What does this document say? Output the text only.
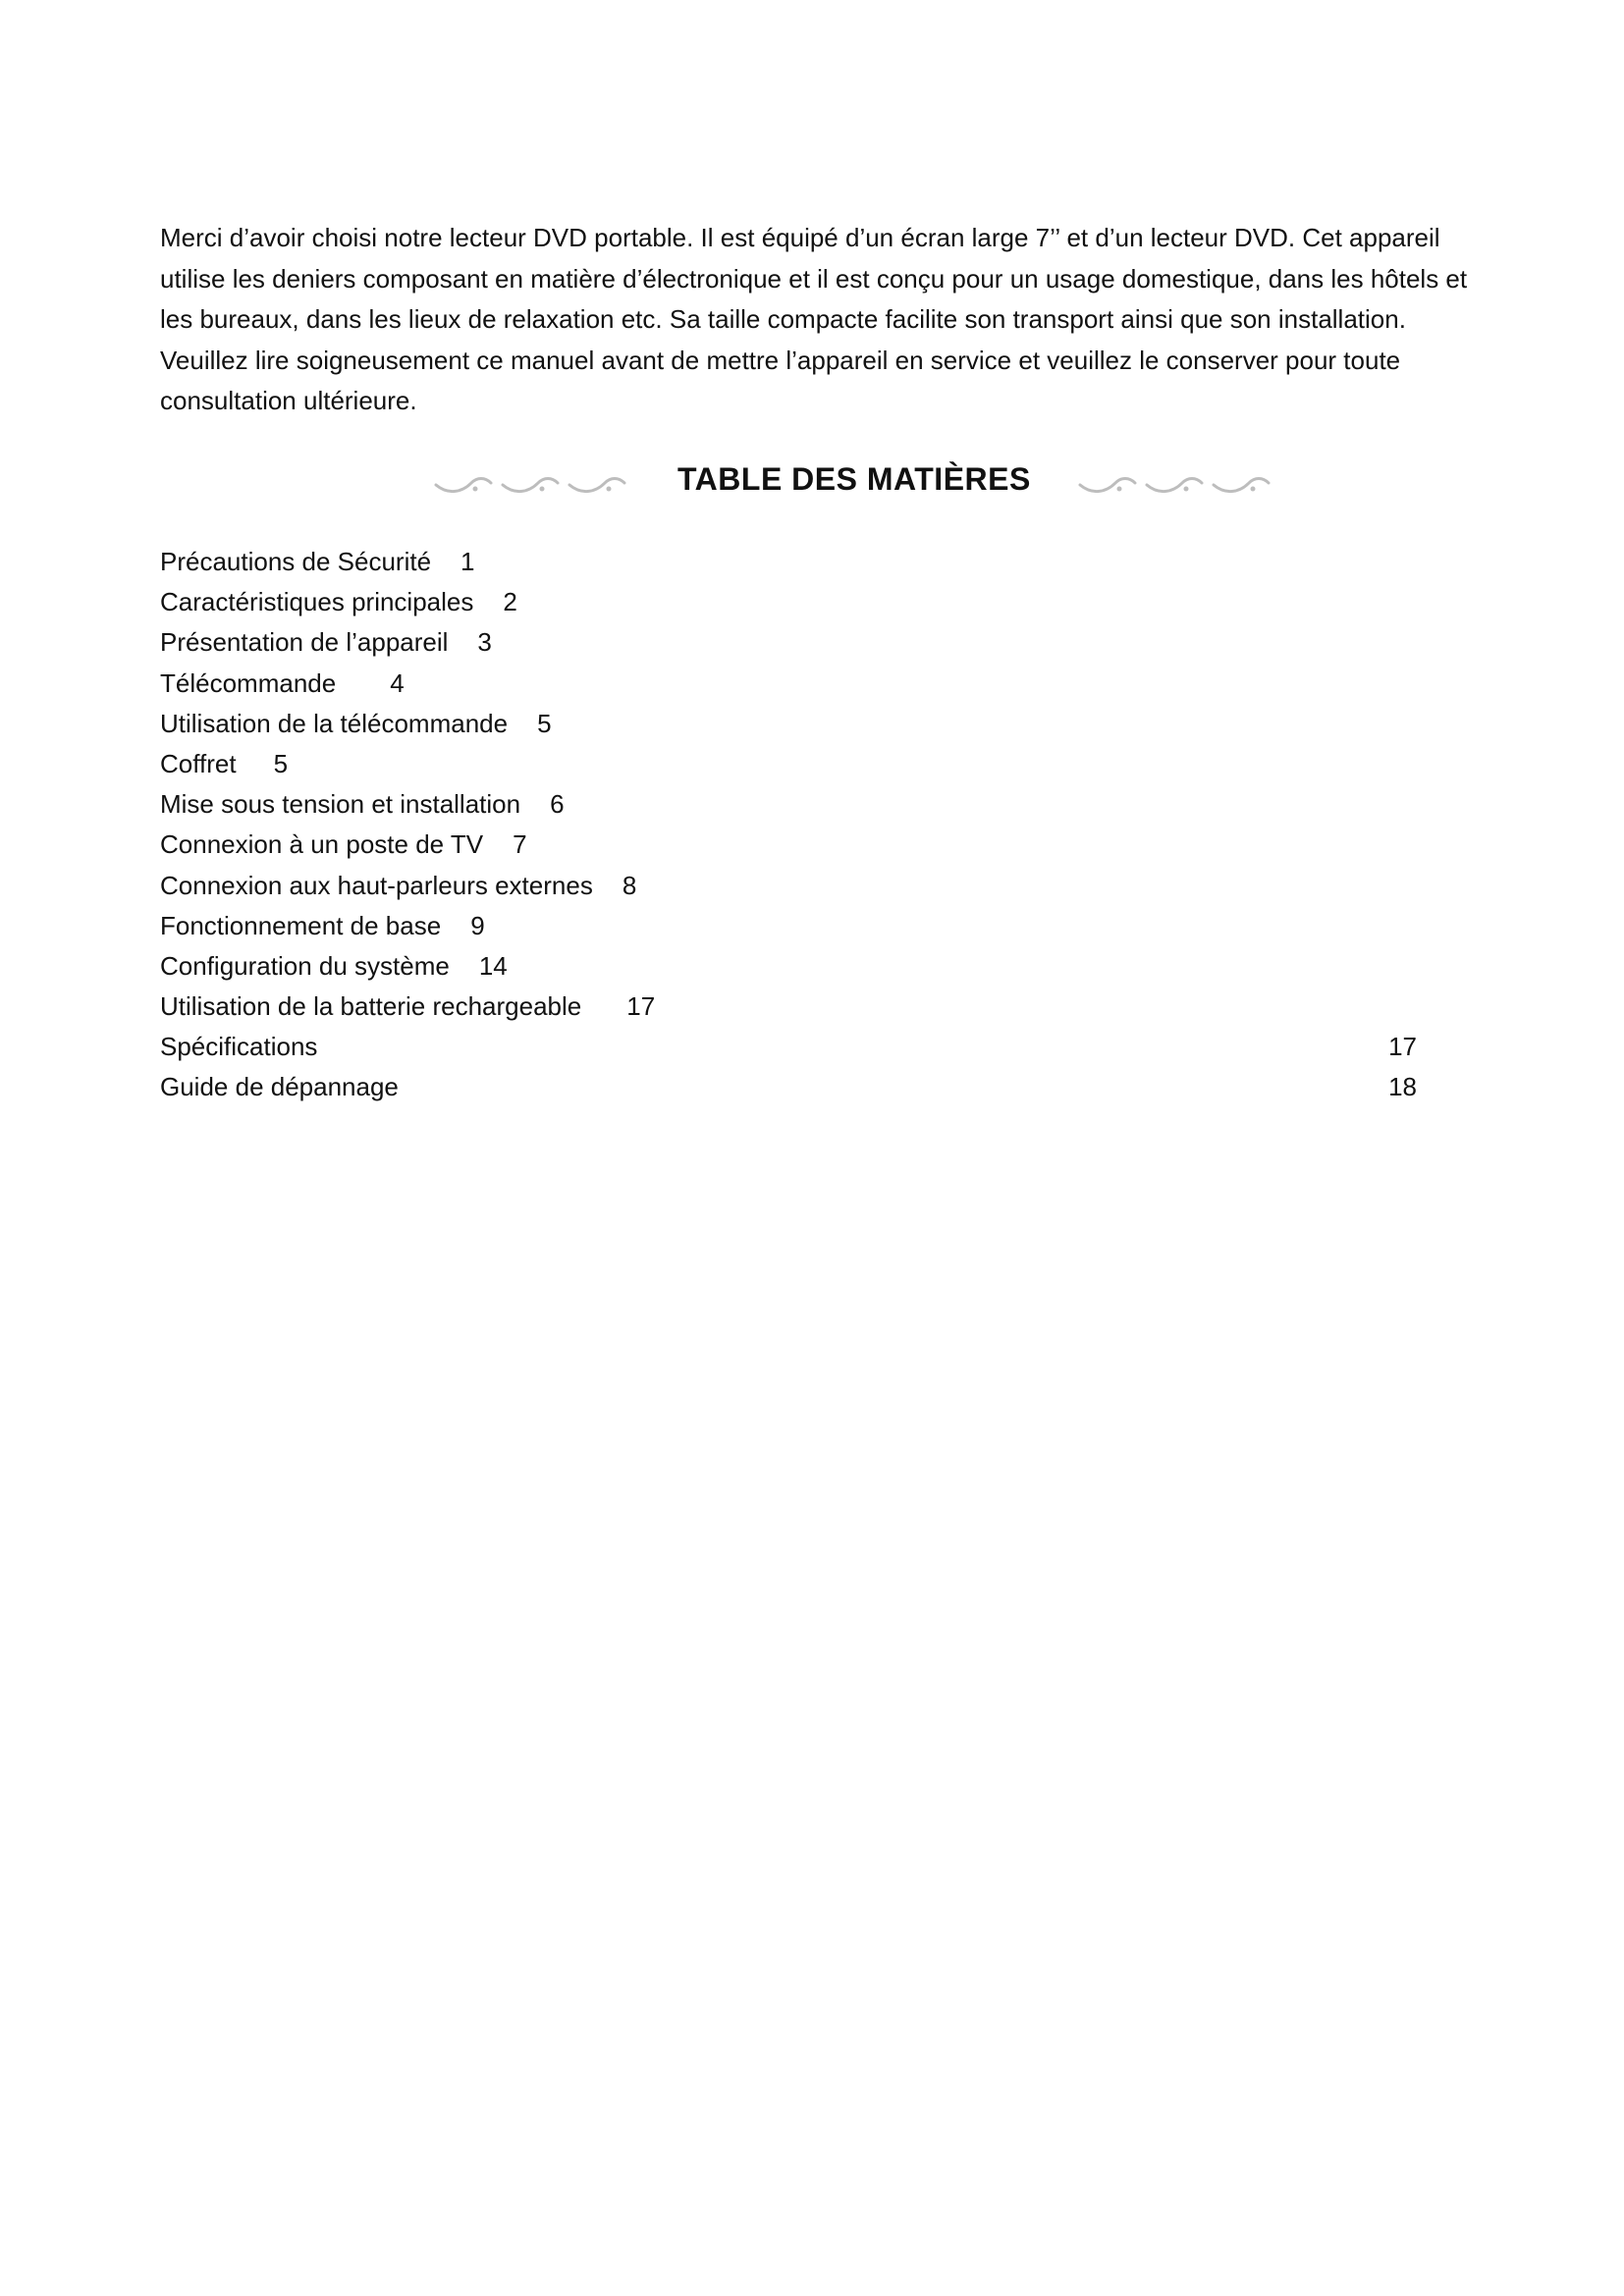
Merci d’avoir choisi notre lecteur DVD portable. Il est équipé d’un écran large 7’’ et d’un lecteur DVD. Cet appareil utilise les deniers composant en matière d’électronique et il est conçu pour un usage domestique, dans les hôtels et les bureaux, dans les lieux de relaxation etc. Sa taille compacte facilite son transport ainsi que son installation. Veuillez lire soigneusement ce manuel avant de mettre l’appareil en service et veuillez le conserver pour toute consultation ultérieure.

TABLE DES MATIÈRES
Précautions de Sécurité 1
Caractéristiques principales 2
Présentation de l’appareil 3
Télécommande 4
Utilisation de la télécommande 5
Coffret 5
Mise sous tension et installation 6
Connexion à un poste de TV 7
Connexion aux haut-parleurs externes 8
Fonctionnement de base 9
Configuration du système 14
Utilisation de la batterie rechargeable 17
Spécifications	17
Guide de dépannage	18
